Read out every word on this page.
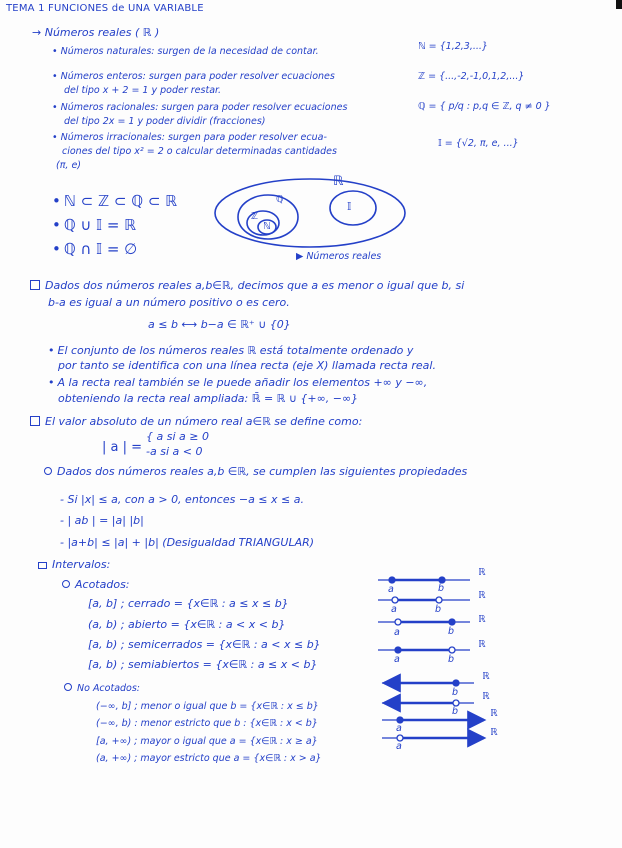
TEMA 1 FUNCIONES de UNA VARIABLE
→ Números reales ( ℝ )
• Números naturales: surgen de la necesidad de contar.	ℕ = {1,2,3,...}
• Números enteros: surgen para poder resolver ecuaciones
del tipo x + 2 = 1 y poder restar.
ℤ = {...,-2,-1,0,1,2,...}
• Números racionales: surgen para poder resolver ecuaciones
del tipo 2x = 1 y poder dividir (fracciones)
ℚ = { p/q : p,q ∈ ℤ, q ≠ 0 }
• Números irracionales: surgen para poder resolver ecua-
ciones del tipo x² = 2 o calcular determinadas cantidades
(π, e)
𝕀 = {√2, π, e, ...}
• ℕ ⊂ ℤ ⊂ ℚ ⊂ ℝ
• ℚ ∪ 𝕀 = ℝ
• ℚ ∩ 𝕀 = ∅
ℝ
ℚ
ℤ
ℕ
𝕀
▶ Números reales
Dados dos números reales a,b∈ℝ, decimos que a es menor o igual que b, si
b-a es igual a un número positivo o es cero.
a ≤ b ⟷ b−a ∈ ℝ⁺ ∪ {0}
• El conjunto de los números reales ℝ está totalmente ordenado y
por tanto se identifica con una línea recta (eje X) llamada recta real.
• A la recta real también se le puede añadir los elementos +∞ y −∞,
obteniendo la recta real ampliada: ℝ̄ = ℝ ∪ {+∞, −∞}
El valor absoluto de un número real a∈ℝ se define como:
| a | =
{ a si a ≥ 0
-a si a < 0
Dados dos números reales a,b ∈ℝ, se cumplen las siguientes propiedades
- Si |x| ≤ a, con a > 0, entonces −a ≤ x ≤ a.
- | ab | = |a| |b|
- |a+b| ≤ |a| + |b| (Desigualdad TRIANGULAR)
Intervalos:
Acotados:
[a, b] ; cerrado = {x∈ℝ : a ≤ x ≤ b}
(a, b) ; abierto = {x∈ℝ : a < x < b}
[a, b) ; semicerrados = {x∈ℝ : a < x ≤ b}
[a, b) ; semiabiertos = {x∈ℝ : a ≤ x < b}
No Acotados:
(−∞, b] ; menor o igual que b = {x∈ℝ : x ≤ b}
(−∞, b) : menor estricto que b : {x∈ℝ : x < b}
[a, +∞) ; mayor o igual que a = {x∈ℝ : x ≥ a}
(a, +∞) ; mayor estricto que a = {x∈ℝ : x > a}
ℝ
a	b
ℝ
a	b
ℝ
a	b
ℝ
a	b
ℝ
b	ℝ
b	ℝ
a	ℝ
a
